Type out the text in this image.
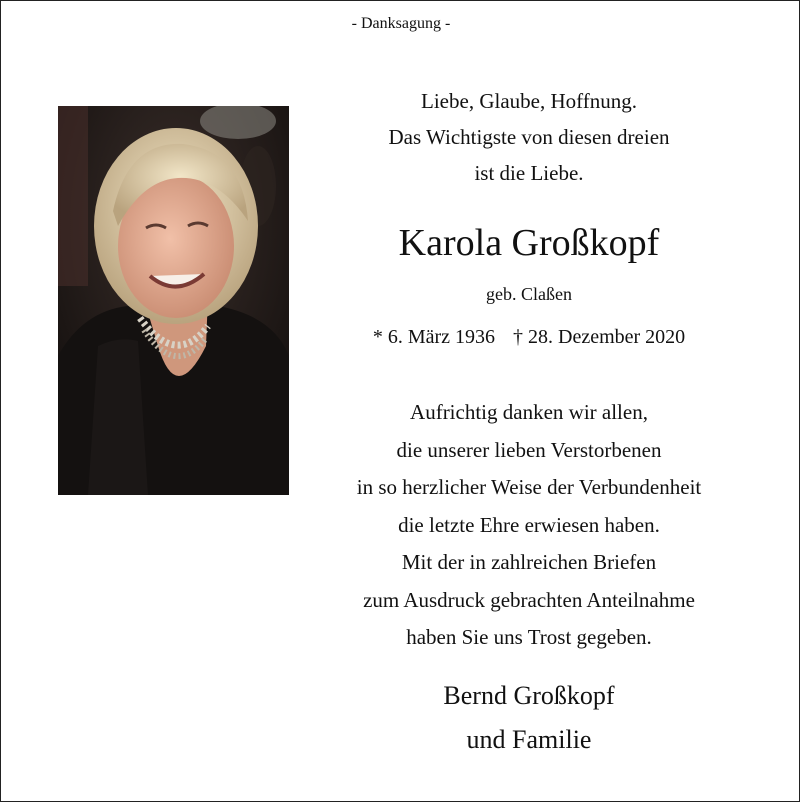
- Danksagung -
Liebe, Glaube, Hoffnung.
Das Wichtigste von diesen dreien
ist die Liebe.
Karola Großkopf
geb. Claßen
* 6. März 1936 † 28. Dezember 2020
Aufrichtig danken wir allen,
die unserer lieben Verstorbenen
in so herzlicher Weise der Verbundenheit
die letzte Ehre erwiesen haben.
Mit der in zahlreichen Briefen
zum Ausdruck gebrachten Anteilnahme
haben Sie uns Trost gegeben.
Bernd Großkopf
und Familie
